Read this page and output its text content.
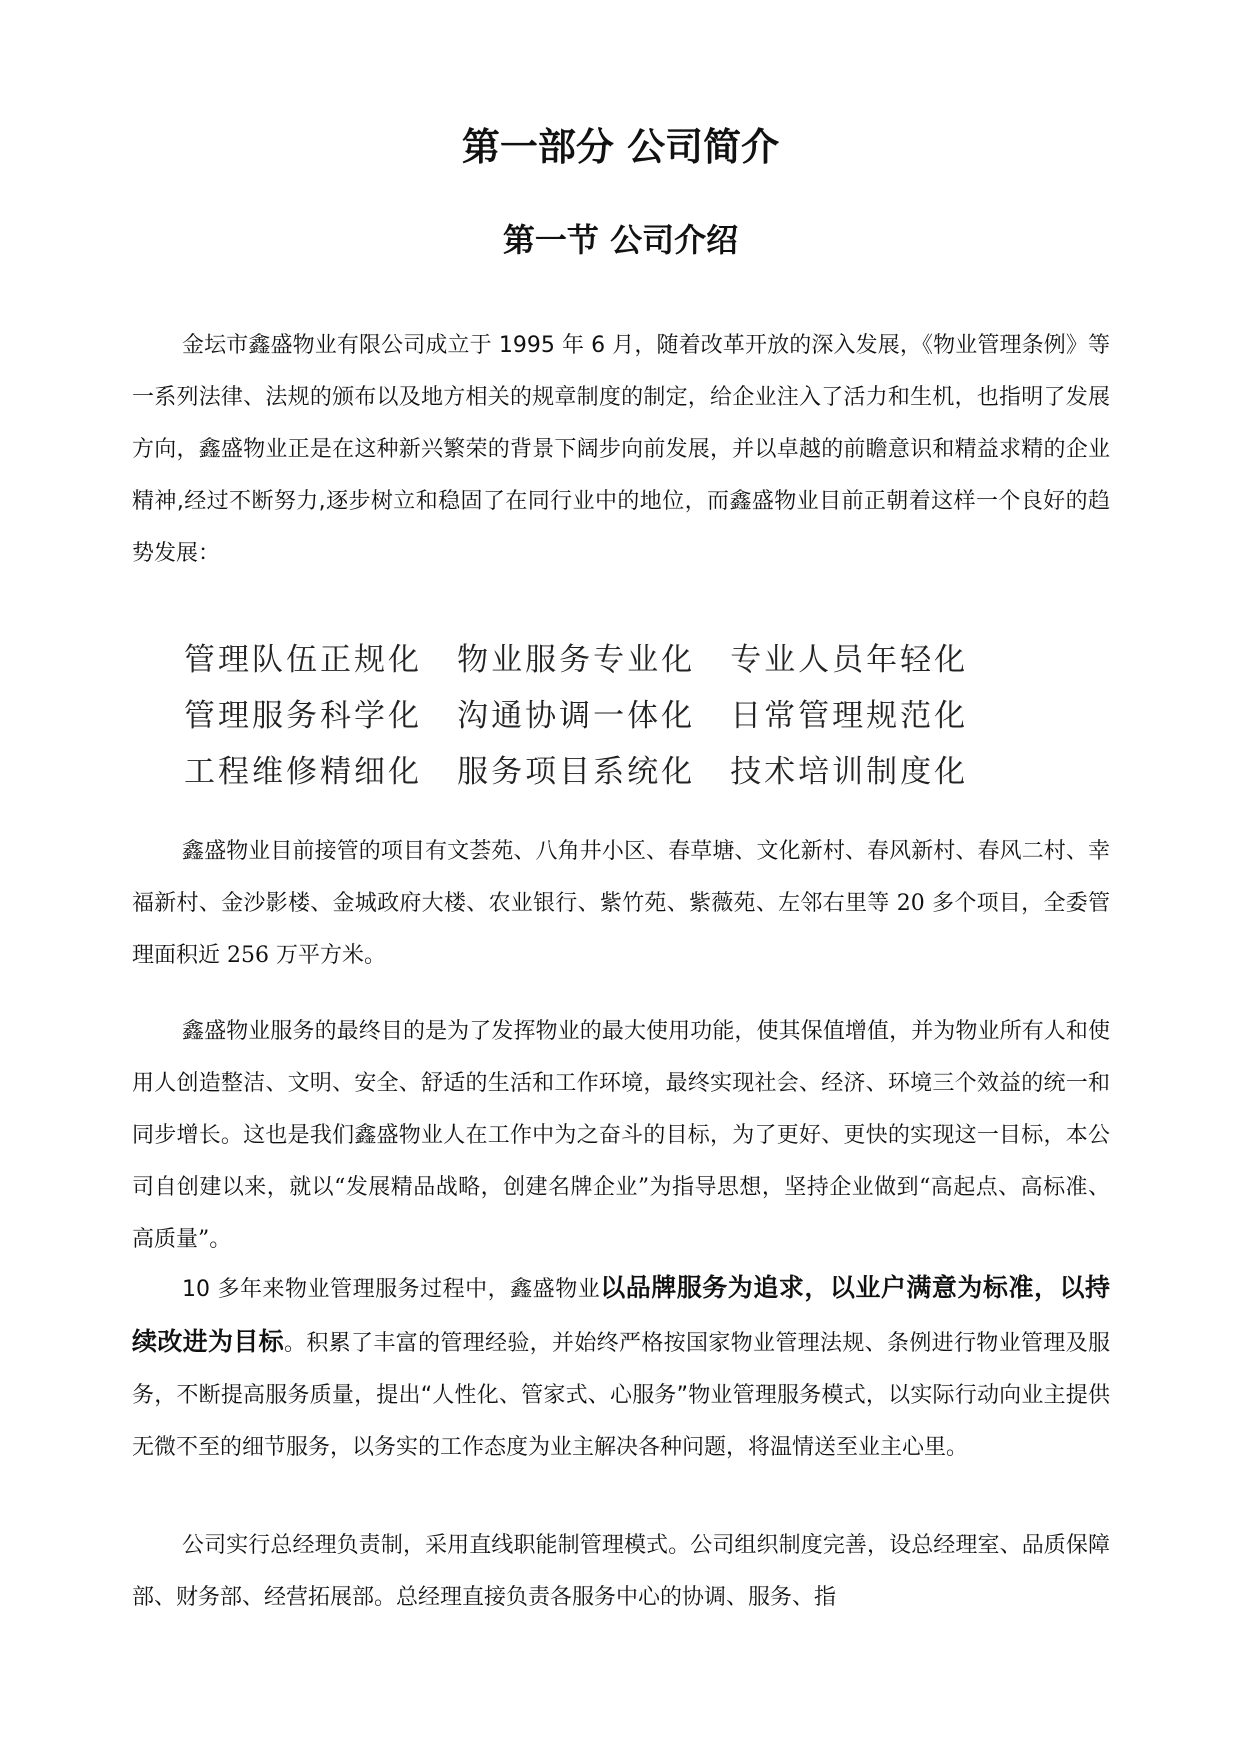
第一部分 公司简介
第一节 公司介绍

金坛市鑫盛物业有限公司成立于 1995 年 6 月，随着改革开放的深入发展，《物业管理条例》等一系列法律、法规的颁布以及地方相关的规章制度的制定，给企业注入了活力和生机，也指明了发展方向，鑫盛物业正是在这种新兴繁荣的背景下阔步向前发展，并以卓越的前瞻意识和精益求精的企业精神,经过不断努力,逐步树立和稳固了在同行业中的地位，而鑫盛物业目前正朝着这样一个良好的趋势发展：

管理队伍正规化 物业服务专业化 专业人员年轻化
管理服务科学化 沟通协调一体化 日常管理规范化
工程维修精细化 服务项目系统化 技术培训制度化

鑫盛物业目前接管的项目有文荟苑、八角井小区、春草塘、文化新村、春风新村、春风二村、幸福新村、金沙影楼、金城政府大楼、农业银行、紫竹苑、紫薇苑、左邻右里等 20 多个项目，全委管理面积近 256 万平方米。

鑫盛物业服务的最终目的是为了发挥物业的最大使用功能，使其保值增值，并为物业所有人和使用人创造整洁、文明、安全、舒适的生活和工作环境，最终实现社会、经济、环境三个效益的统一和同步增长。这也是我们鑫盛物业人在工作中为之奋斗的目标，为了更好、更快的实现这一目标，本公司自创建以来，就以“发展精品战略，创建名牌企业”为指导思想，坚持企业做到“高起点、高标准、高质量”。

10 多年来物业管理服务过程中，鑫盛物业以品牌服务为追求，以业户满意为标准，以持续改进为目标。积累了丰富的管理经验，并始终严格按国家物业管理法规、条例进行物业管理及服务，不断提高服务质量，提出“人性化、管家式、心服务”物业管理服务模式，以实际行动向业主提供无微不至的细节服务，以务实的工作态度为业主解决各种问题，将温情送至业主心里。

公司实行总经理负责制，采用直线职能制管理模式。公司组织制度完善，设总经理室、品质保障部、财务部、经营拓展部。总经理直接负责各服务中心的协调、服务、指
